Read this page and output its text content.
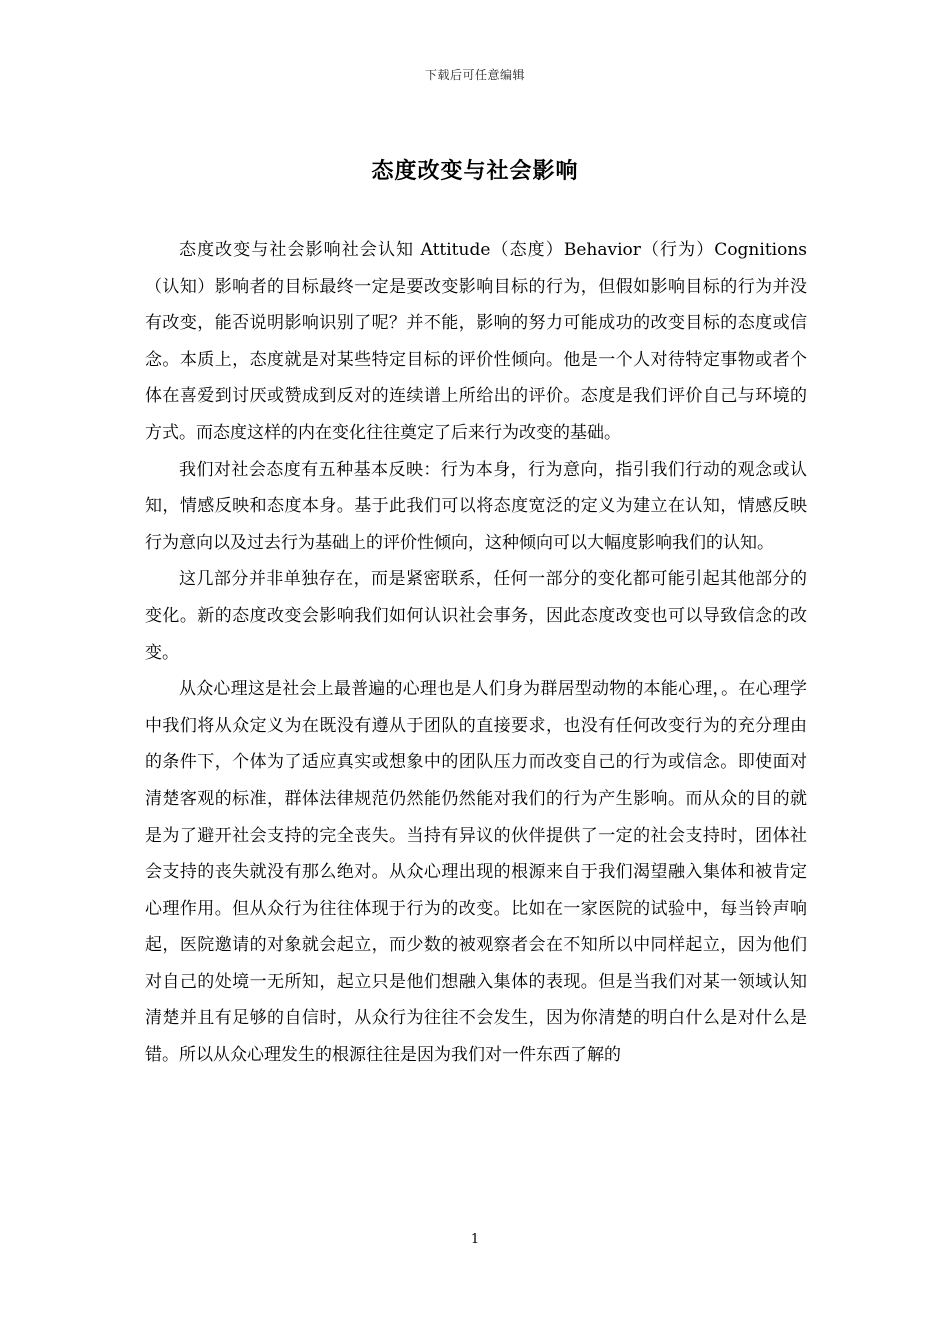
下载后可任意编辑
态度改变与社会影响

态度改变与社会影响社会认知 Attitude（态度）Behavior（行为）Cognitions（认知）影响者的目标最终一定是要改变影响目标的行为，但假如影响目标的行为并没有改变，能否说明影响识别了呢？并不能，影响的努力可能成功的改变目标的态度或信念。本质上，态度就是对某些特定目标的评价性倾向。他是一个人对待特定事物或者个体在喜爱到讨厌或赞成到反对的连续谱上所给出的评价。态度是我们评价自己与环境的方式。而态度这样的内在变化往往奠定了后来行为改变的基础。

我们对社会态度有五种基本反映：行为本身，行为意向，指引我们行动的观念或认知，情感反映和态度本身。基于此我们可以将态度宽泛的定义为建立在认知，情感反映行为意向以及过去行为基础上的评价性倾向，这种倾向可以大幅度影响我们的认知。

这几部分并非单独存在，而是紧密联系，任何一部分的变化都可能引起其他部分的变化。新的态度改变会影响我们如何认识社会事务，因此态度改变也可以导致信念的改变。

从众心理这是社会上最普遍的心理也是人们身为群居型动物的本能心理，。在心理学中我们将从众定义为在既没有遵从于团队的直接要求，也没有任何改变行为的充分理由的条件下，个体为了适应真实或想象中的团队压力而改变自己的行为或信念。即使面对清楚客观的标准，群体法律规范仍然能仍然能对我们的行为产生影响。而从众的目的就是为了避开社会支持的完全丧失。当持有异议的伙伴提供了一定的社会支持时，团体社会支持的丧失就没有那么绝对。从众心理出现的根源来自于我们渴望融入集体和被肯定心理作用。但从众行为往往体现于行为的改变。比如在一家医院的试验中，每当铃声响起，医院邀请的对象就会起立，而少数的被观察者会在不知所以中同样起立，因为他们对自己的处境一无所知，起立只是他们想融入集体的表现。但是当我们对某一领域认知清楚并且有足够的自信时，从众行为往往不会发生，因为你清楚的明白什么是对什么是错。所以从众心理发生的根源往往是因为我们对一件东西了解的

1
